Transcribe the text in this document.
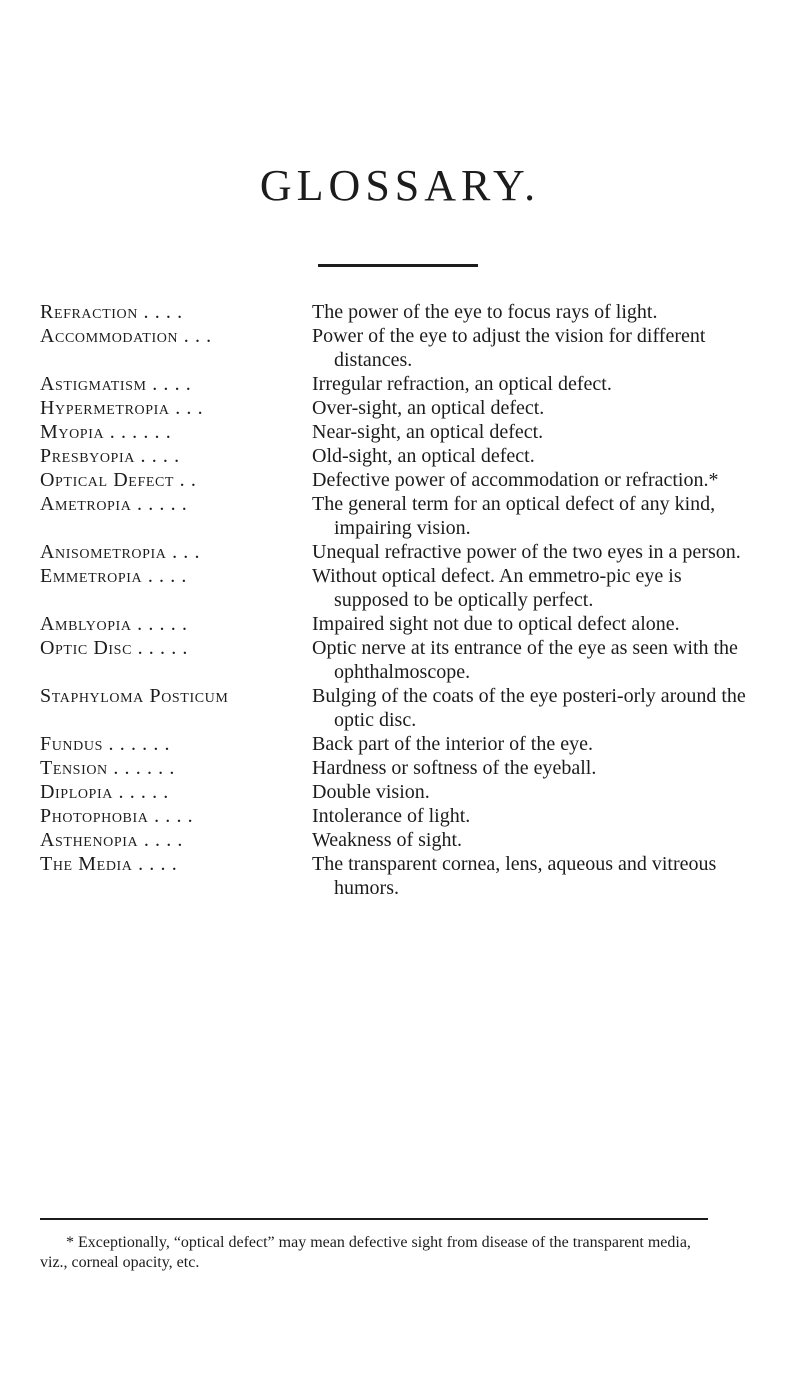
GLOSSARY.
Refraction . . . .	The power of the eye to focus rays of light.
Accommodation . . .	Power of the eye to adjust the vision for different distances.
Astigmatism . . . .	Irregular refraction, an optical defect.
Hypermetropia . . .	Over-sight, an optical defect.
Myopia . . . . . .	Near-sight, an optical defect.
Presbyopia . . . .	Old-sight, an optical defect.
Optical Defect . .	Defective power of accommodation or refraction.*
Ametropia . . . . .	The general term for an optical defect of any kind, impairing vision.
Anisometropia . . .	Unequal refractive power of the two eyes in a person.
Emmetropia . . . .	Without optical defect. An emmetro-pic eye is supposed to be optically perfect.
Amblyopia . . . . .	Impaired sight not due to optical defect alone.
Optic Disc . . . . .	Optic nerve at its entrance of the eye as seen with the ophthalmoscope.
Staphyloma Posticum	Bulging of the coats of the eye posteri-orly around the optic disc.
Fundus . . . . . .	Back part of the interior of the eye.
Tension . . . . . .	Hardness or softness of the eyeball.
Diplopia . . . . .	Double vision.
Photophobia . . . .	Intolerance of light.
Asthenopia . . . .	Weakness of sight.
The Media . . . .	The transparent cornea, lens, aqueous and vitreous humors.
* Exceptionally, “optical defect” may mean defective sight from disease of the transparent media, viz., corneal opacity, etc.
